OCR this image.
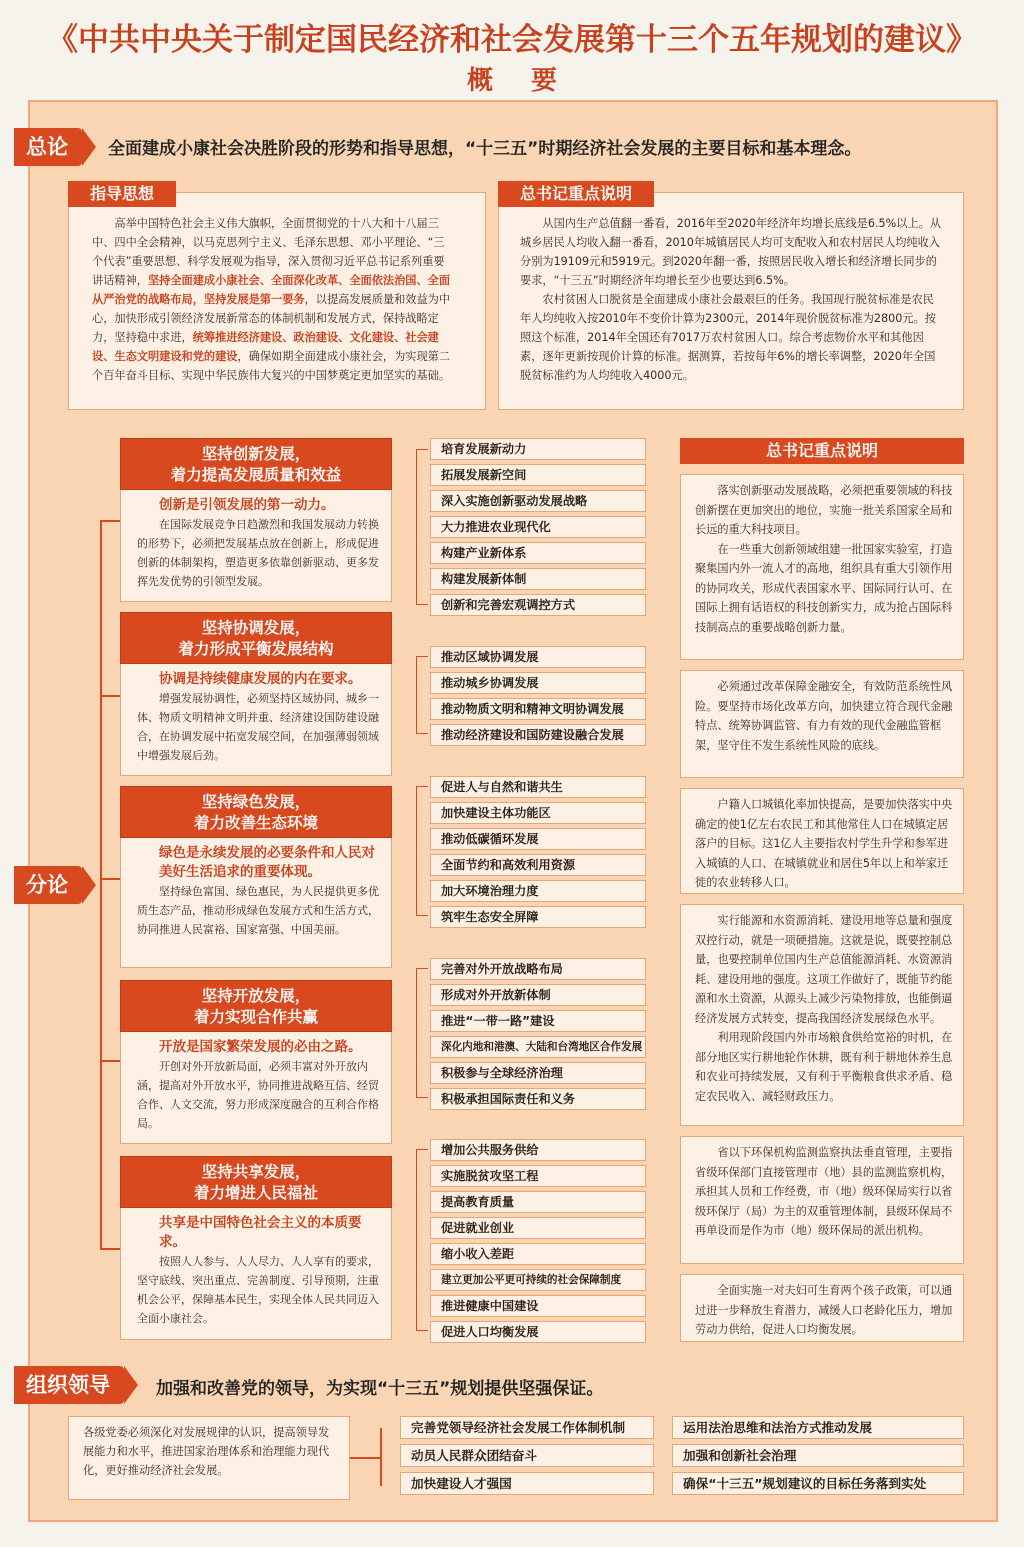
《中共中央关于制定国民经济和社会发展第十三个五年规划的建议》
概要
总论	全面建成小康社会决胜阶段的形势和指导思想，“十三五”时期经济社会发展的主要目标和基本理念。
指导思想

高举中国特色社会主义伟大旗帜，全面贯彻党的十八大和十八届三中、四中全会精神，以马克思列宁主义、毛泽东思想、邓小平理论、“三个代表”重要思想、科学发展观为指导，深入贯彻习近平总书记系列重要讲话精神，坚持全面建成小康社会、全面深化改革、全面依法治国、全面从严治党的战略布局，坚持发展是第一要务，以提高发展质量和效益为中心，加快形成引领经济发展新常态的体制机制和发展方式，保持战略定力，坚持稳中求进，统筹推进经济建设、政治建设、文化建设、社会建设、生态文明建设和党的建设，确保如期全面建成小康社会，为实现第二个百年奋斗目标、实现中华民族伟大复兴的中国梦奠定更加坚实的基础。

总书记重点说明

从国内生产总值翻一番看，2016年至2020年经济年均增长底线是6.5%以上。从城乡居民人均收入翻一番看，2010年城镇居民人均可支配收入和农村居民人均纯收入分别为19109元和5919元。到2020年翻一番，按照居民收入增长和经济增长同步的要求，“十三五”时期经济年均增长至少也要达到6.5%。

农村贫困人口脱贫是全面建成小康社会最艰巨的任务。我国现行脱贫标准是农民年人均纯收入按2010年不变价计算为2300元，2014年现价脱贫标准为2800元。按照这个标准，2014年全国还有7017万农村贫困人口。综合考虑物价水平和其他因素，逐年更新按现价计算的标准。据测算，若按每年6%的增长率调整，2020年全国脱贫标准约为人均纯收入4000元。

分论
坚持创新发展，
着力提高发展质量和效益
创新是引领发展的第一动力。
在国际发展竞争日趋激烈和我国发展动力转换的形势下，必须把发展基点放在创新上，形成促进创新的体制架构，塑造更多依靠创新驱动、更多发挥先发优势的引领型发展。
坚持协调发展，
着力形成平衡发展结构
协调是持续健康发展的内在要求。
增强发展协调性，必须坚持区域协同、城乡一体、物质文明精神文明并重、经济建设国防建设融合，在协调发展中拓宽发展空间，在加强薄弱领域中增强发展后劲。
坚持绿色发展，
着力改善生态环境
绿色是永续发展的必要条件和人民对美好生活追求的重要体现。
坚持绿色富国、绿色惠民，为人民提供更多优质生态产品，推动形成绿色发展方式和生活方式，协同推进人民富裕、国家富强、中国美丽。
坚持开放发展，
着力实现合作共赢
开放是国家繁荣发展的必由之路。
开创对外开放新局面，必须丰富对外开放内涵，提高对外开放水平，协同推进战略互信、经贸合作、人文交流，努力形成深度融合的互利合作格局。
坚持共享发展，
着力增进人民福祉
共享是中国特色社会主义的本质要求。
按照人人参与、人人尽力、人人享有的要求，坚守底线、突出重点、完善制度、引导预期，注重机会公平，保障基本民生，实现全体人民共同迈入全面小康社会。
培育发展新动力
拓展发展新空间
深入实施创新驱动发展战略
大力推进农业现代化
构建产业新体系
构建发展新体制
创新和完善宏观调控方式
推动区域协调发展
推动城乡协调发展
推动物质文明和精神文明协调发展
推动经济建设和国防建设融合发展
促进人与自然和谐共生
加快建设主体功能区
推动低碳循环发展
全面节约和高效利用资源
加大环境治理力度
筑牢生态安全屏障
完善对外开放战略布局
形成对外开放新体制
推进“一带一路”建设
深化内地和港澳、大陆和台湾地区合作发展
积极参与全球经济治理
积极承担国际责任和义务
增加公共服务供给
实施脱贫攻坚工程
提高教育质量
促进就业创业
缩小收入差距
建立更加公平更可持续的社会保障制度
推进健康中国建设
促进人口均衡发展
总书记重点说明

落实创新驱动发展战略，必须把重要领域的科技创新摆在更加突出的地位，实施一批关系国家全局和长远的重大科技项目。

在一些重大创新领域组建一批国家实验室，打造聚集国内外一流人才的高地，组织具有重大引领作用的协同攻关，形成代表国家水平、国际同行认可、在国际上拥有话语权的科技创新实力，成为抢占国际科技制高点的重要战略创新力量。

必须通过改革保障金融安全，有效防范系统性风险。要坚持市场化改革方向，加快建立符合现代金融特点、统筹协调监管、有力有效的现代金融监管框架，坚守住不发生系统性风险的底线。

户籍人口城镇化率加快提高，是要加快落实中央确定的使1亿左右农民工和其他常住人口在城镇定居落户的目标。这1亿人主要指农村学生升学和参军进入城镇的人口、在城镇就业和居住5年以上和举家迁徙的农业转移人口。

实行能源和水资源消耗、建设用地等总量和强度双控行动，就是一项硬措施。这就是说，既要控制总量，也要控制单位国内生产总值能源消耗、水资源消耗、建设用地的强度。这项工作做好了，既能节约能源和水土资源，从源头上减少污染物排放，也能倒逼经济发展方式转变，提高我国经济发展绿色水平。

利用现阶段国内外市场粮食供给宽裕的时机，在部分地区实行耕地轮作休耕，既有利于耕地休养生息和农业可持续发展，又有利于平衡粮食供求矛盾、稳定农民收入、减轻财政压力。

省以下环保机构监测监察执法垂直管理，主要指省级环保部门直接管理市（地）县的监测监察机构，承担其人员和工作经费，市（地）级环保局实行以省级环保厅（局）为主的双重管理体制，县级环保局不再单设而是作为市（地）级环保局的派出机构。

全面实施一对夫妇可生育两个孩子政策，可以通过进一步释放生育潜力，减缓人口老龄化压力，增加劳动力供给，促进人口均衡发展。

组织领导	加强和改善党的领导，为实现“十三五”规划提供坚强保证。
各级党委必须深化对发展规律的认识，提高领导发展能力和水平，推进国家治理体系和治理能力现代化，更好推动经济社会发展。
完善党领导经济社会发展工作体制机制
动员人民群众团结奋斗
加快建设人才强国
运用法治思维和法治方式推动发展
加强和创新社会治理
确保“十三五”规划建议的目标任务落到实处
